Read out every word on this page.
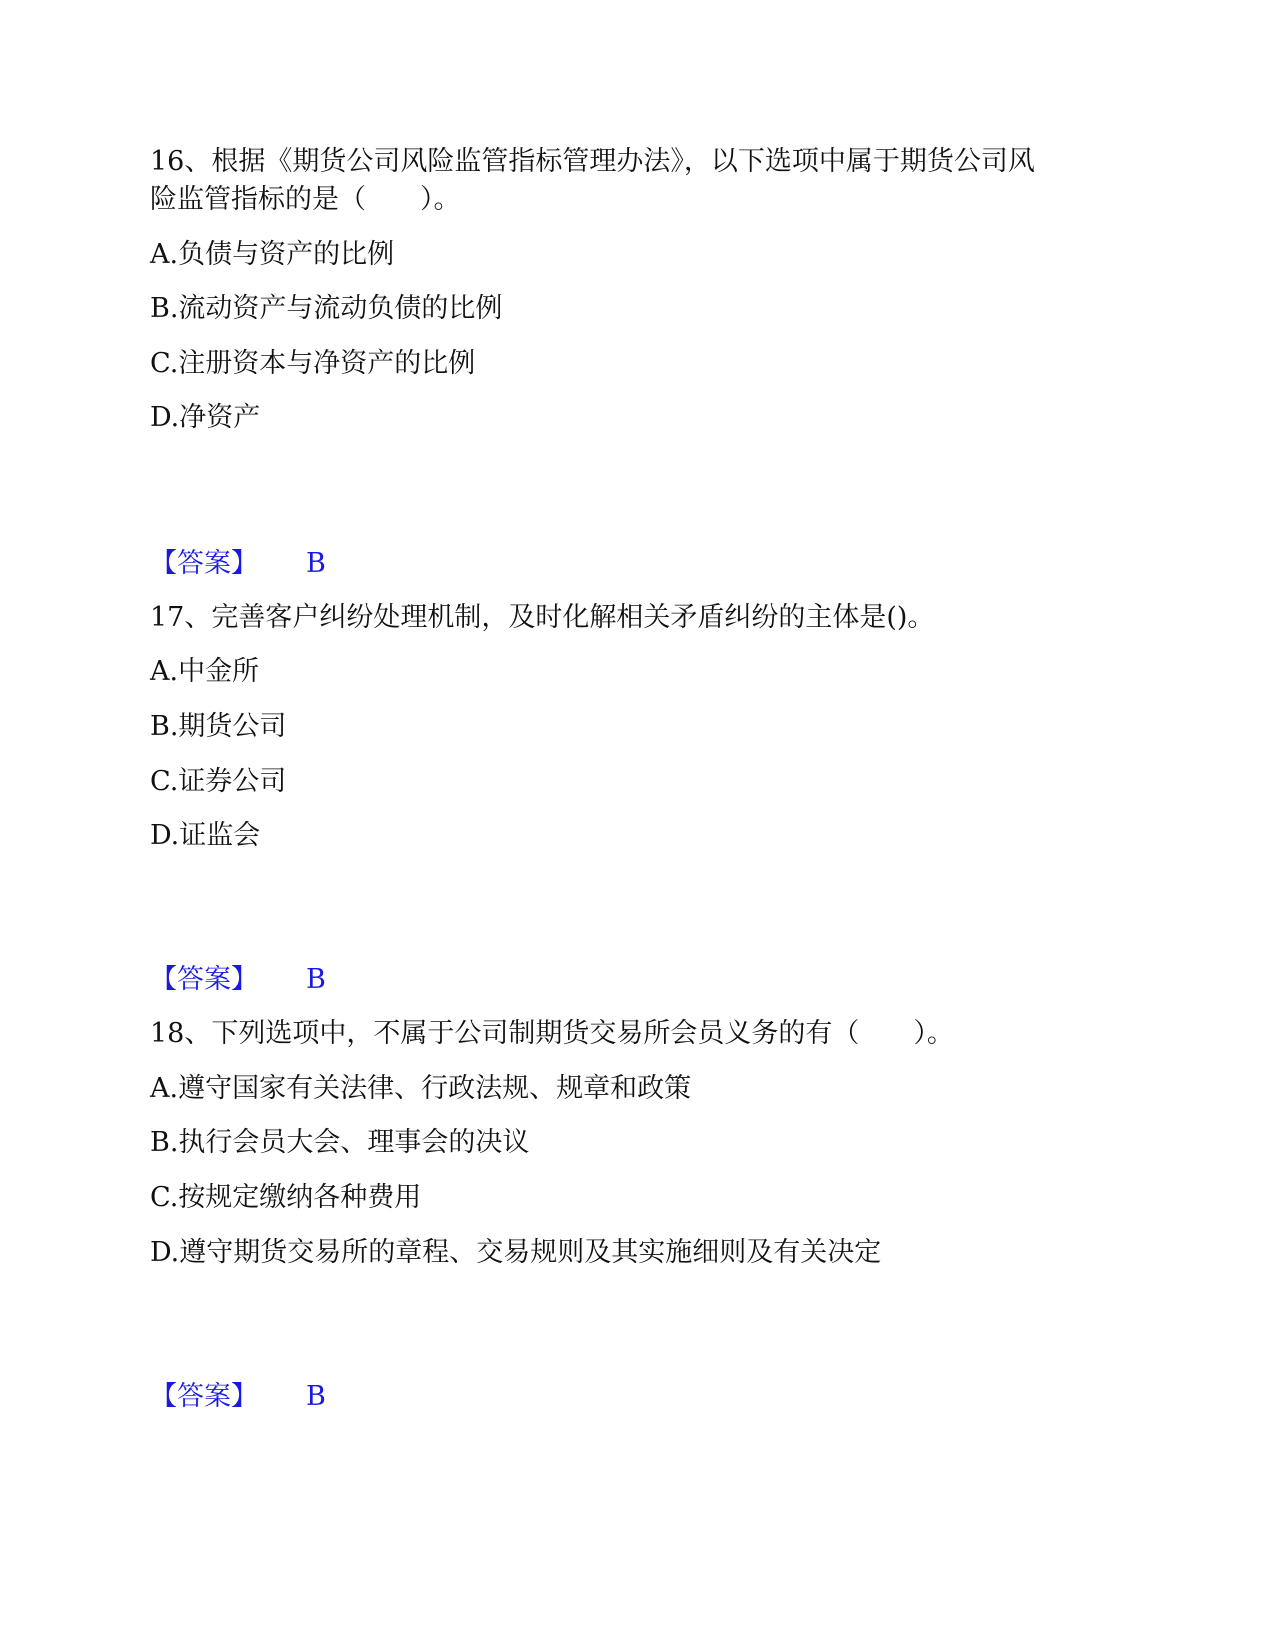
16、根据《期货公司风险监管指标管理办法》，以下选项中属于期货公司风
险监管指标的是（　　）。
A.负债与资产的比例
B.流动资产与流动负债的比例
C.注册资本与净资产的比例
D.净资产
【答案】 B
17、完善客户纠纷处理机制，及时化解相关矛盾纠纷的主体是()。
A.中金所
B.期货公司
C.证券公司
D.证监会
【答案】 B
18、下列选项中，不属于公司制期货交易所会员义务的有（　　）。
A.遵守国家有关法律、行政法规、规章和政策
B.执行会员大会、理事会的决议
C.按规定缴纳各种费用
D.遵守期货交易所的章程、交易规则及其实施细则及有关决定
【答案】 B
